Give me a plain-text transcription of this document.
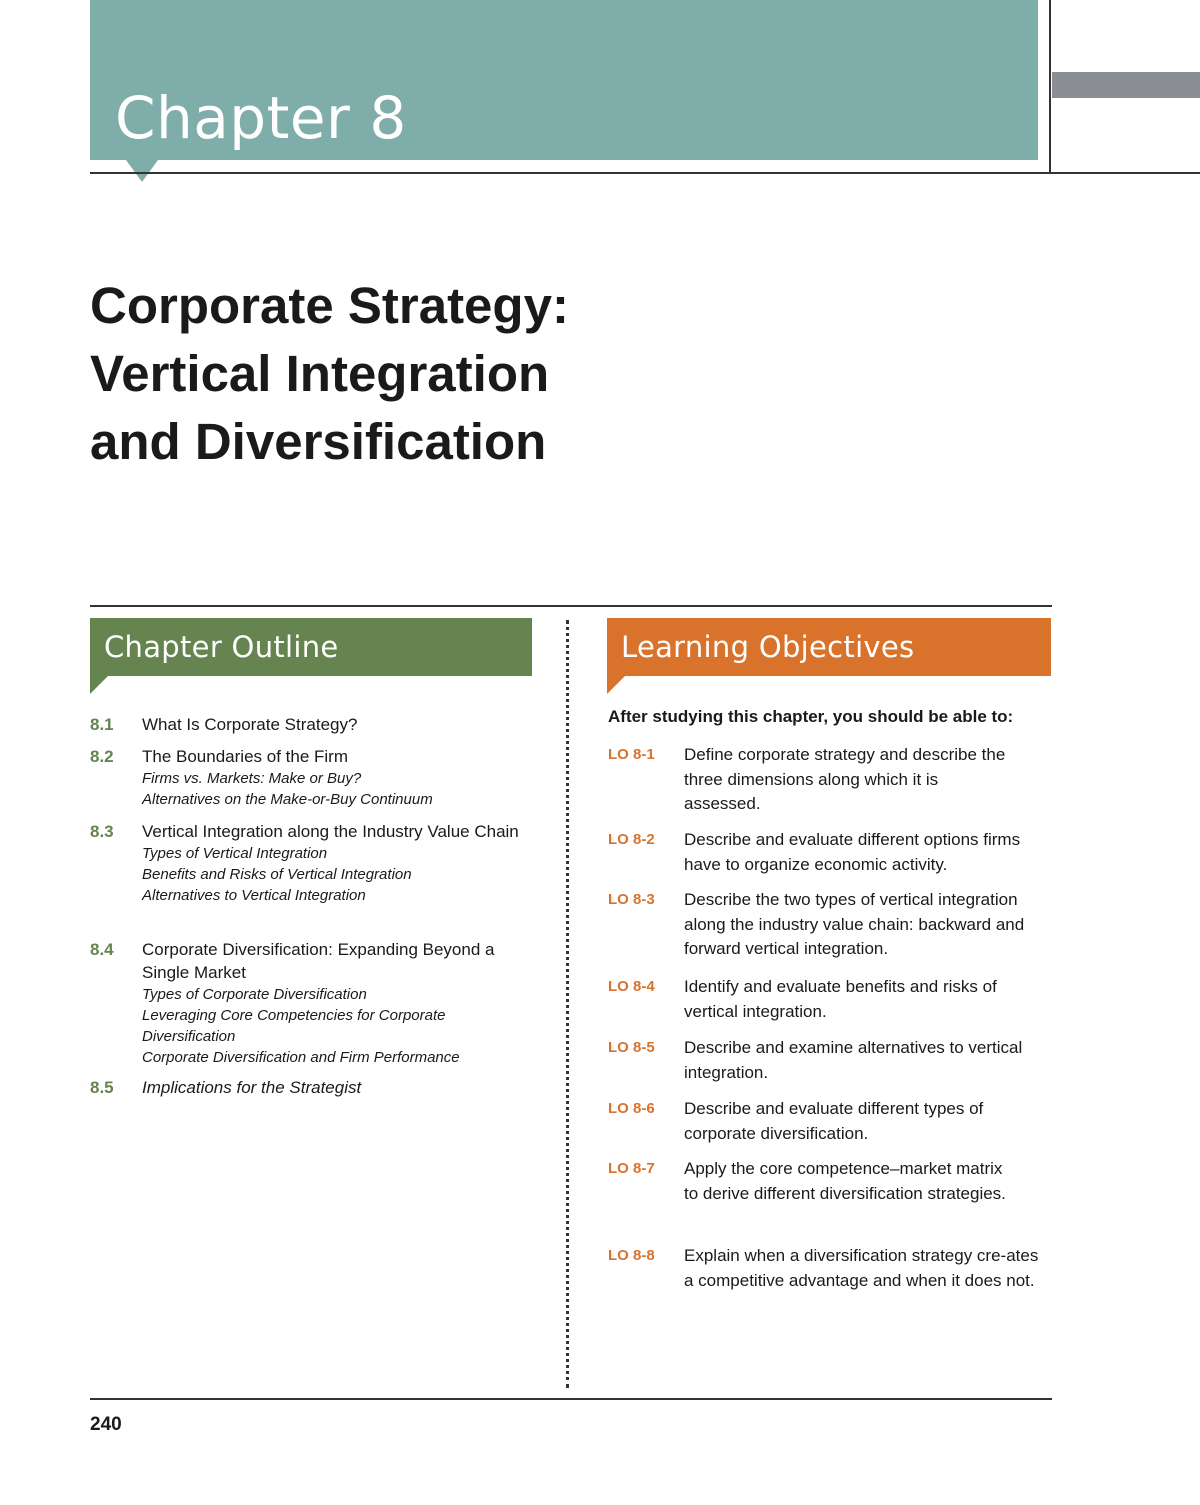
Chapter 8
Corporate Strategy:
Vertical Integration
and Diversification
Chapter Outline
8.1 What Is Corporate Strategy?
8.2 The Boundaries of the Firm
Firms vs. Markets: Make or Buy?
Alternatives on the Make-or-Buy Continuum
8.3 Vertical Integration along the Industry Value Chain
Types of Vertical Integration
Benefits and Risks of Vertical Integration
Alternatives to Vertical Integration
8.4 Corporate Diversification: Expanding Beyond a Single Market
Types of Corporate Diversification
Leveraging Core Competencies for Corporate Diversification
Corporate Diversification and Firm Performance
8.5 Implications for the Strategist
Learning Objectives
After studying this chapter, you should be able to:
LO 8-1 Define corporate strategy and describe the three dimensions along which it is assessed.
LO 8-2 Describe and evaluate different options firms have to organize economic activity.
LO 8-3 Describe the two types of vertical integration along the industry value chain: backward and forward vertical integration.
LO 8-4 Identify and evaluate benefits and risks of vertical integration.
LO 8-5 Describe and examine alternatives to vertical integration.
LO 8-6 Describe and evaluate different types of corporate diversification.
LO 8-7 Apply the core competence–market matrix to derive different diversification strategies.
LO 8-8 Explain when a diversification strategy cre-ates a competitive advantage and when it does not.
240
